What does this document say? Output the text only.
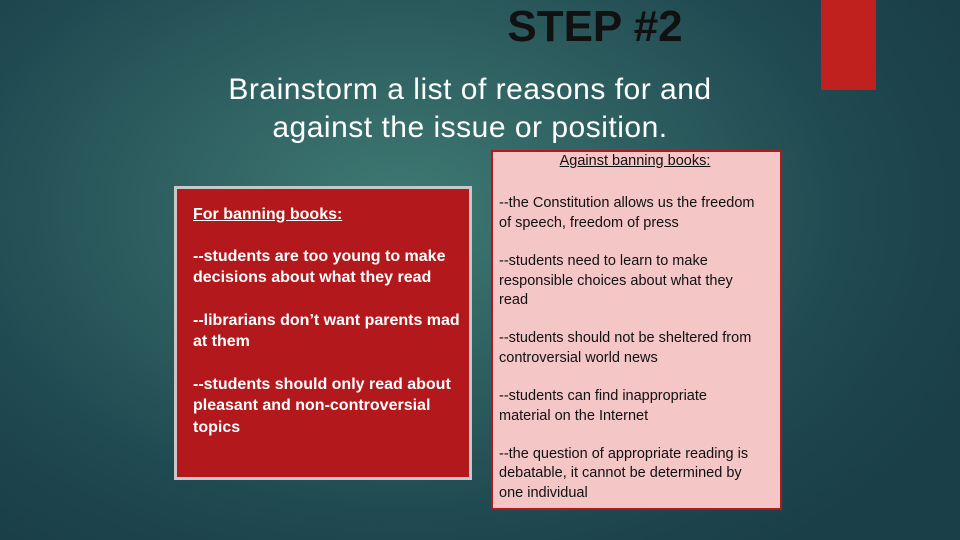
STEP #2
Brainstorm a list of reasons for and against the issue or position.
For banning books:
--students are too young to make decisions about what they read
--librarians don’t want parents mad at them
--students should only read about pleasant and non-controversial topics
Against banning books:
--the Constitution allows us the freedom of speech, freedom of press
--students need to learn to make responsible choices about what they read
--students should not be sheltered from controversial world news
--students can find inappropriate material on the Internet
--the question of appropriate reading is debatable, it cannot be determined by one individual
